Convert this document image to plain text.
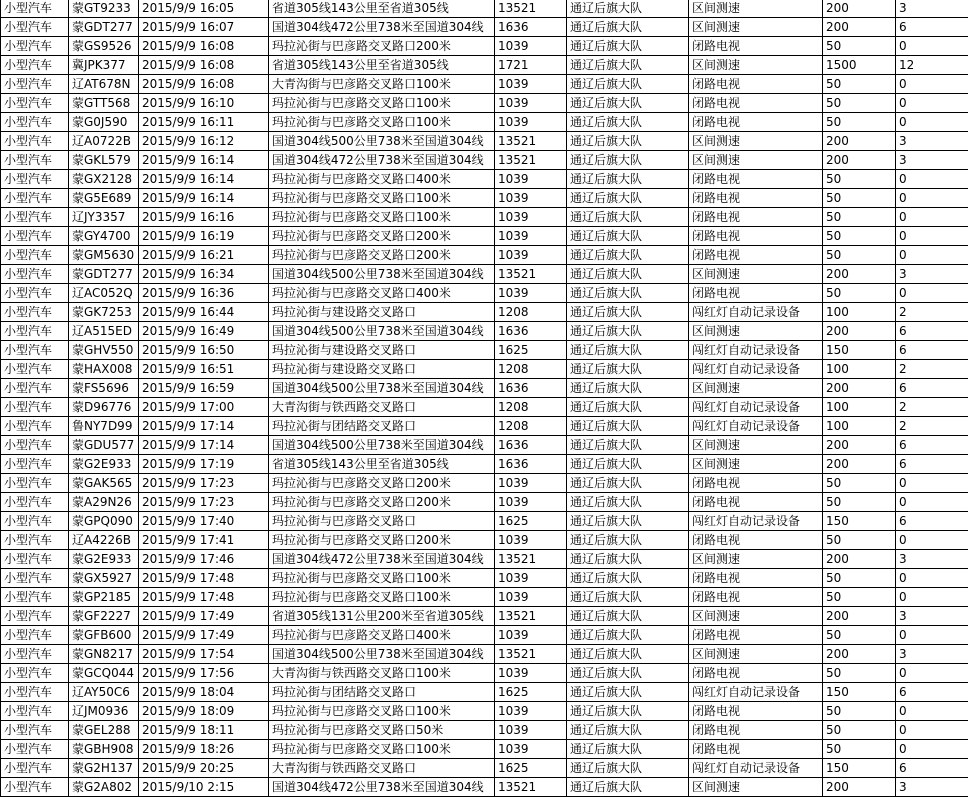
小型汽车	蒙GT9233	2015/9/9 16:05	省道305线143公里至省道305线	13521	通辽后旗大队	区间测速	200	3
小型汽车	蒙GDT277	2015/9/9 16:07	国道304线472公里738米至国道304线	1636	通辽后旗大队	区间测速	200	6
小型汽车	蒙GS9526	2015/9/9 16:08	玛拉沁街与巴彦路交叉路口200米	1039	通辽后旗大队	闭路电视	50	0
小型汽车	冀JPK377	2015/9/9 16:08	省道305线143公里至省道305线	1721	通辽后旗大队	区间测速	1500	12
小型汽车	辽AT678N	2015/9/9 16:08	大青沟街与巴彦路交叉路口100米	1039	通辽后旗大队	闭路电视	50	0
小型汽车	蒙GTT568	2015/9/9 16:10	玛拉沁街与巴彦路交叉路口100米	1039	通辽后旗大队	闭路电视	50	0
小型汽车	蒙G0J590	2015/9/9 16:11	玛拉沁街与巴彦路交叉路口100米	1039	通辽后旗大队	闭路电视	50	0
小型汽车	辽A0722B	2015/9/9 16:12	国道304线500公里738米至国道304线	13521	通辽后旗大队	区间测速	200	3
小型汽车	蒙GKL579	2015/9/9 16:14	国道304线472公里738米至国道304线	13521	通辽后旗大队	区间测速	200	3
小型汽车	蒙GX2128	2015/9/9 16:14	玛拉沁街与巴彦路交叉路口400米	1039	通辽后旗大队	闭路电视	50	0
小型汽车	蒙G5E689	2015/9/9 16:14	玛拉沁街与巴彦路交叉路口100米	1039	通辽后旗大队	闭路电视	50	0
小型汽车	辽JY3357	2015/9/9 16:16	玛拉沁街与巴彦路交叉路口100米	1039	通辽后旗大队	闭路电视	50	0
小型汽车	蒙GY4700	2015/9/9 16:19	玛拉沁街与巴彦路交叉路口200米	1039	通辽后旗大队	闭路电视	50	0
小型汽车	蒙GM5630	2015/9/9 16:21	玛拉沁街与巴彦路交叉路口200米	1039	通辽后旗大队	闭路电视	50	0
小型汽车	蒙GDT277	2015/9/9 16:34	国道304线500公里738米至国道304线	13521	通辽后旗大队	区间测速	200	3
小型汽车	辽AC052Q	2015/9/9 16:36	玛拉沁街与巴彦路交叉路口400米	1039	通辽后旗大队	闭路电视	50	0
小型汽车	蒙GK7253	2015/9/9 16:44	玛拉沁街与建设路交叉路口	1208	通辽后旗大队	闯红灯自动记录设备	100	2
小型汽车	辽A515ED	2015/9/9 16:49	国道304线500公里738米至国道304线	1636	通辽后旗大队	区间测速	200	6
小型汽车	蒙GHV550	2015/9/9 16:50	玛拉沁街与建设路交叉路口	1625	通辽后旗大队	闯红灯自动记录设备	150	6
小型汽车	蒙HAX008	2015/9/9 16:51	玛拉沁街与建设路交叉路口	1208	通辽后旗大队	闯红灯自动记录设备	100	2
小型汽车	蒙FS5696	2015/9/9 16:59	国道304线500公里738米至国道304线	1636	通辽后旗大队	区间测速	200	6
小型汽车	蒙D96776	2015/9/9 17:00	大青沟街与铁西路交叉路口	1208	通辽后旗大队	闯红灯自动记录设备	100	2
小型汽车	鲁NY7D99	2015/9/9 17:14	玛拉沁街与团结路交叉路口	1208	通辽后旗大队	闯红灯自动记录设备	100	2
小型汽车	蒙GDU577	2015/9/9 17:14	国道304线500公里738米至国道304线	1636	通辽后旗大队	区间测速	200	6
小型汽车	蒙G2E933	2015/9/9 17:19	省道305线143公里至省道305线	1636	通辽后旗大队	区间测速	200	6
小型汽车	蒙GAK565	2015/9/9 17:23	玛拉沁街与巴彦路交叉路口200米	1039	通辽后旗大队	闭路电视	50	0
小型汽车	蒙A29N26	2015/9/9 17:23	玛拉沁街与巴彦路交叉路口200米	1039	通辽后旗大队	闭路电视	50	0
小型汽车	蒙GPQ090	2015/9/9 17:40	玛拉沁街与巴彦路交叉路口	1625	通辽后旗大队	闯红灯自动记录设备	150	6
小型汽车	辽A4226B	2015/9/9 17:41	玛拉沁街与巴彦路交叉路口200米	1039	通辽后旗大队	闭路电视	50	0
小型汽车	蒙G2E933	2015/9/9 17:46	国道304线472公里738米至国道304线	13521	通辽后旗大队	区间测速	200	3
小型汽车	蒙GX5927	2015/9/9 17:48	玛拉沁街与巴彦路交叉路口100米	1039	通辽后旗大队	闭路电视	50	0
小型汽车	蒙GP2185	2015/9/9 17:48	玛拉沁街与巴彦路交叉路口100米	1039	通辽后旗大队	闭路电视	50	0
小型汽车	蒙GF2227	2015/9/9 17:49	省道305线131公里200米至省道305线	13521	通辽后旗大队	区间测速	200	3
小型汽车	蒙GFB600	2015/9/9 17:49	玛拉沁街与巴彦路交叉路口400米	1039	通辽后旗大队	闭路电视	50	0
小型汽车	蒙GN8217	2015/9/9 17:54	国道304线500公里738米至国道304线	13521	通辽后旗大队	区间测速	200	3
小型汽车	蒙GCQ044	2015/9/9 17:56	大青沟街与铁西路交叉路口100米	1039	通辽后旗大队	闭路电视	50	0
小型汽车	辽AY50C6	2015/9/9 18:04	玛拉沁街与团结路交叉路口	1625	通辽后旗大队	闯红灯自动记录设备	150	6
小型汽车	辽JM0936	2015/9/9 18:09	玛拉沁街与巴彦路交叉路口100米	1039	通辽后旗大队	闭路电视	50	0
小型汽车	蒙GEL288	2015/9/9 18:11	玛拉沁街与巴彦路交叉路口50米	1039	通辽后旗大队	闭路电视	50	0
小型汽车	蒙GBH908	2015/9/9 18:26	玛拉沁街与巴彦路交叉路口100米	1039	通辽后旗大队	闭路电视	50	0
小型汽车	蒙G2H137	2015/9/9 20:25	大青沟街与铁西路交叉路口	1625	通辽后旗大队	闯红灯自动记录设备	150	6
小型汽车	蒙G2A802	2015/9/10 2:15	国道304线472公里738米至国道304线	13521	通辽后旗大队	区间测速	200	3
